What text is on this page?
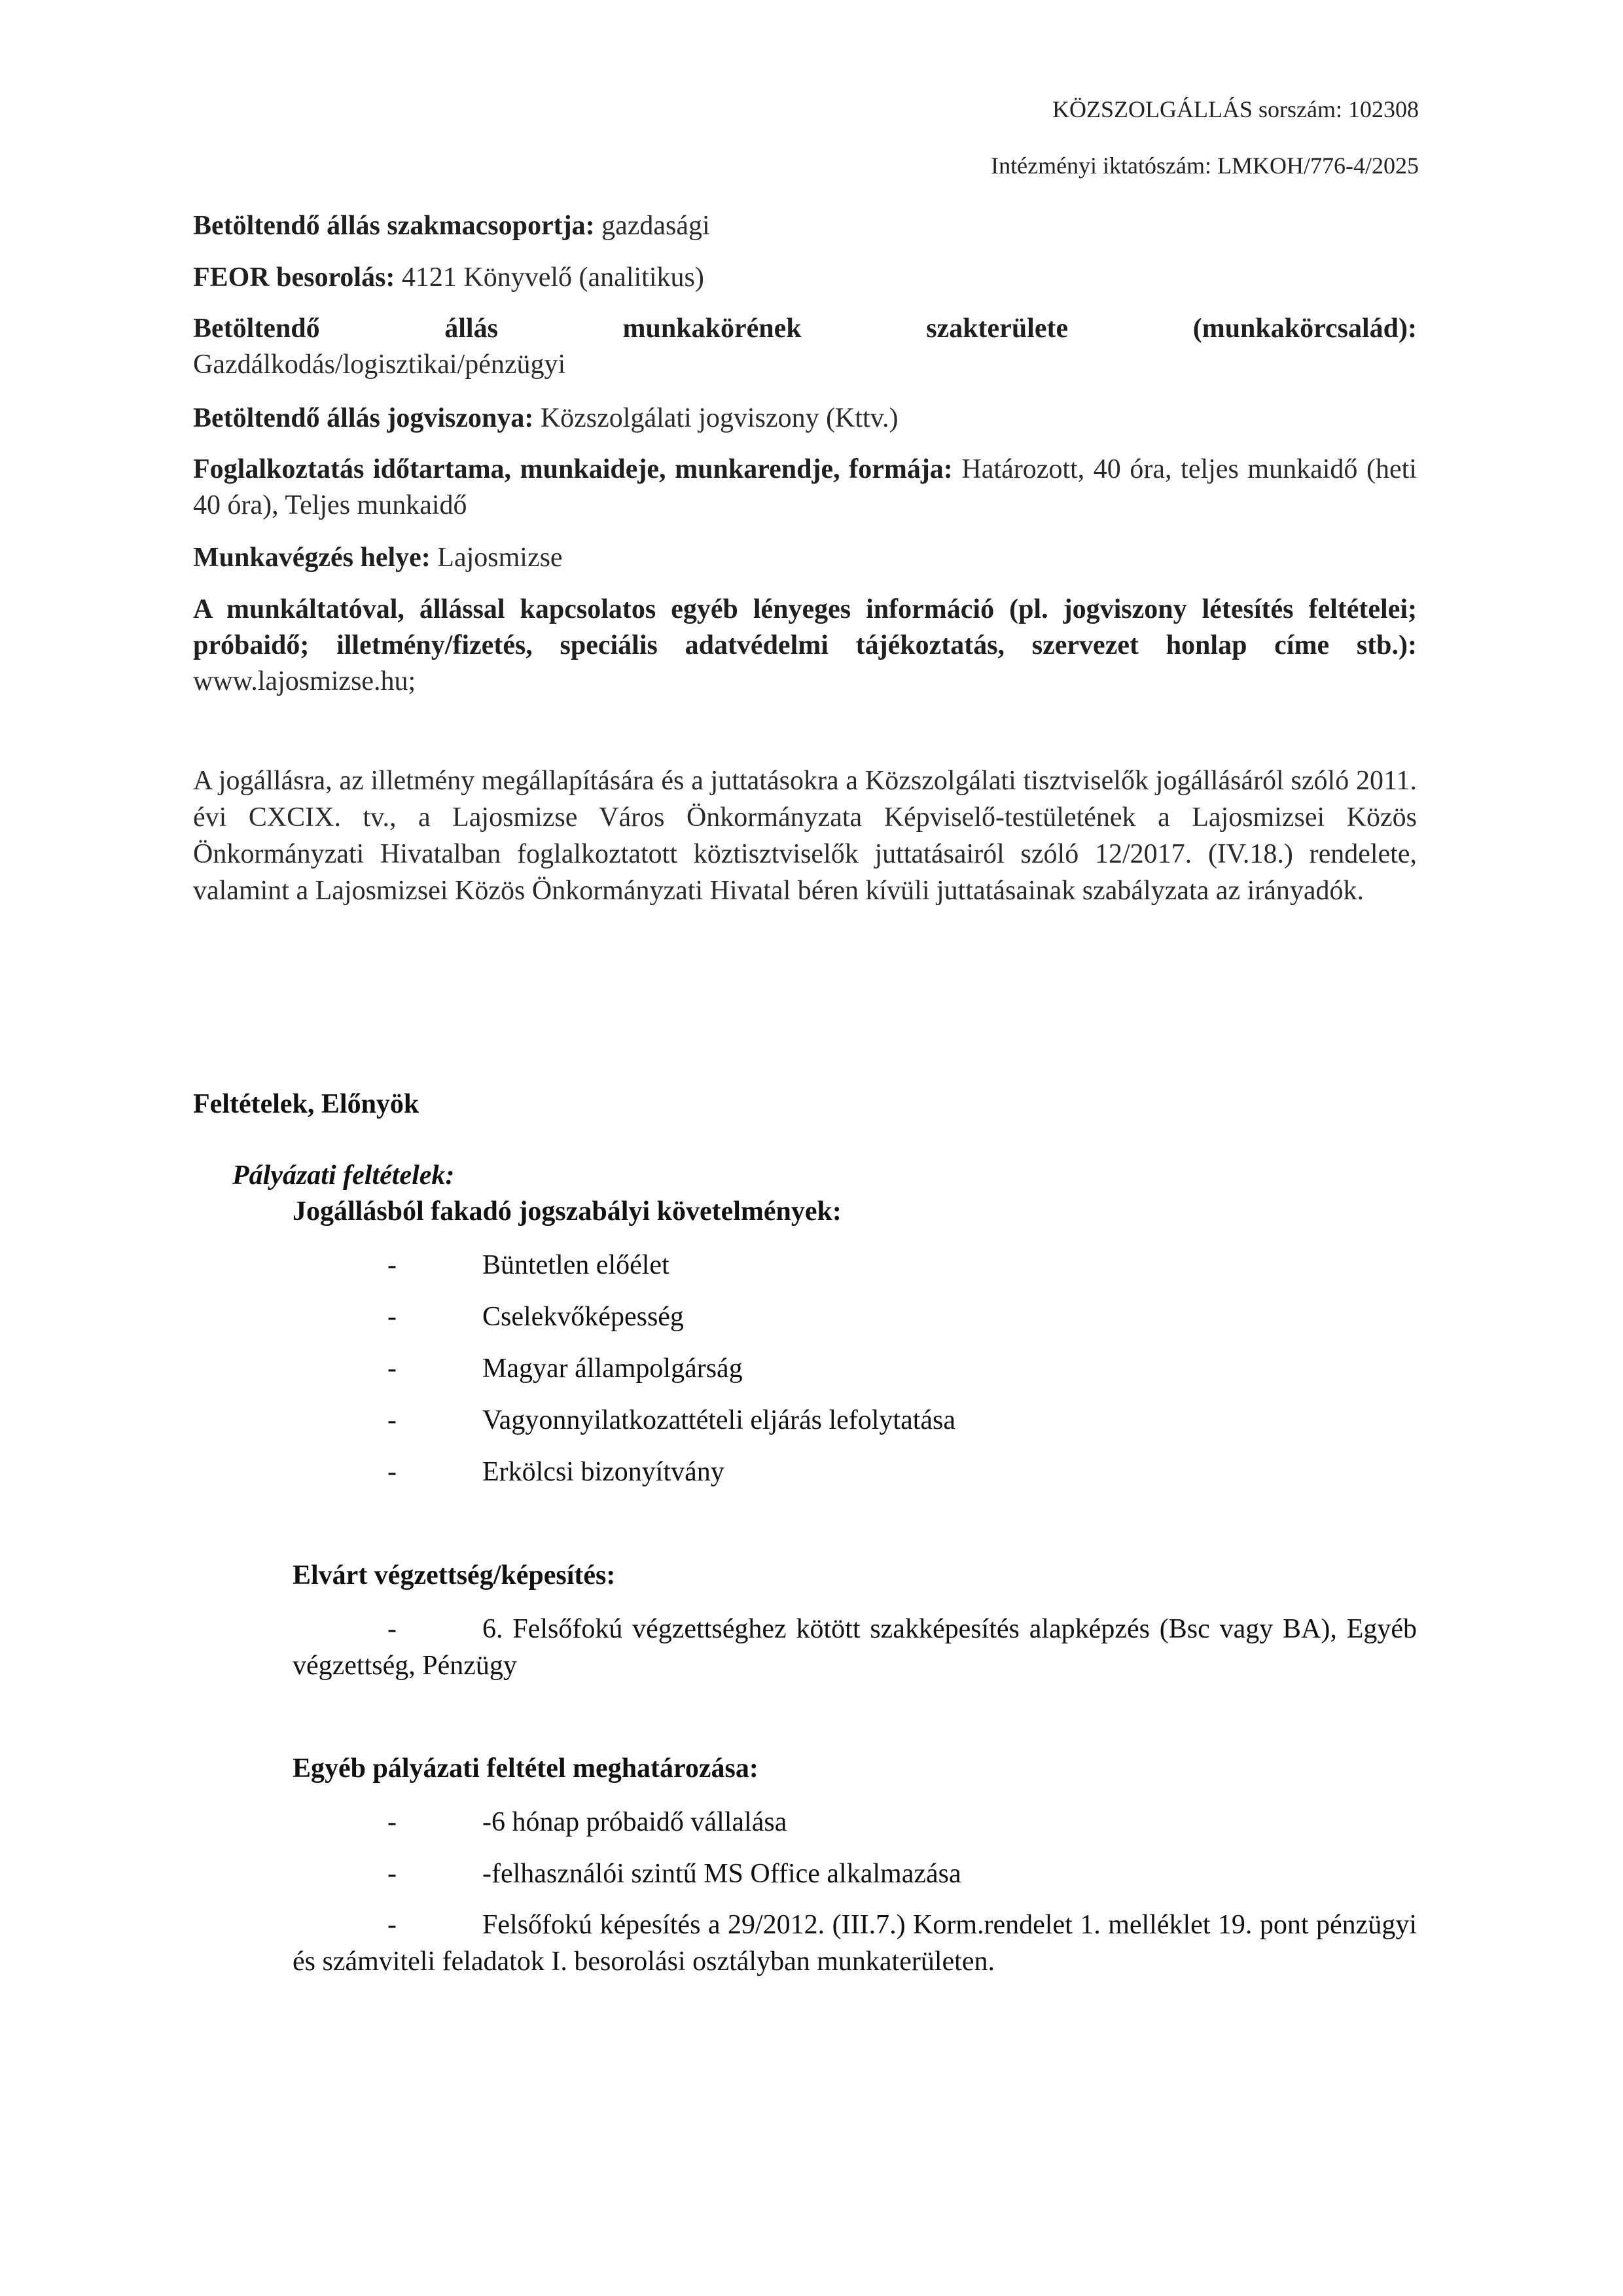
KÖZSZOLGÁLLÁS sorszám: 102308
Intézményi iktatószám: LMKOH/776-4/2025
Betöltendő állás szakmacsoportja: gazdasági
FEOR besorolás: 4121 Könyvelő (analitikus)
Betöltendő állás munkakörének szakterülete (munkakörcsalád):
Gazdálkodás/logisztikai/pénzügyi
Betöltendő állás jogviszonya: Közszolgálati jogviszony (Kttv.)
Foglalkoztatás időtartama, munkaideje, munkarendje, formája: Határozott, 40 óra, teljes munkaidő (heti 40 óra), Teljes munkaidő
Munkavégzés helye: Lajosmizse
A munkáltatóval, állással kapcsolatos egyéb lényeges információ (pl. jogviszony létesítés feltételei; próbaidő; illetmény/fizetés, speciális adatvédelmi tájékoztatás, szervezet honlap címe stb.): www.lajosmizse.hu;
A jogállásra, az illetmény megállapítására és a juttatásokra a Közszolgálati tisztviselők jogállásáról szóló 2011. évi CXCIX. tv., a Lajosmizse Város Önkormányzata Képviselő-testületének a Lajosmizsei Közös Önkormányzati Hivatalban foglalkoztatott köztisztviselők juttatásairól szóló 12/2017. (IV.18.) rendelete, valamint a Lajosmizsei Közös Önkormányzati Hivatal béren kívüli juttatásainak szabályzata az irányadók.
Feltételek, Előnyök
Pályázati feltételek:
Jogállásból fakadó jogszabályi követelmények:
-	Büntetlen előélet
-	Cselekvőképesség
-	Magyar állampolgárság
-	Vagyonnyilatkozattételi eljárás lefolytatása
-	Erkölcsi bizonyítvány
Elvárt végzettség/képesítés:
-	6. Felsőfokú végzettséghez kötött szakképesítés alapképzés (Bsc vagy BA), Egyéb végzettség, Pénzügy
Egyéb pályázati feltétel meghatározása:
-	-6 hónap próbaidő vállalása
-	-felhasználói szintű MS Office alkalmazása
-	Felsőfokú képesítés a 29/2012. (III.7.) Korm.rendelet 1. melléklet 19. pont pénzügyi és számviteli feladatok I. besorolási osztályban munkaterületen.
